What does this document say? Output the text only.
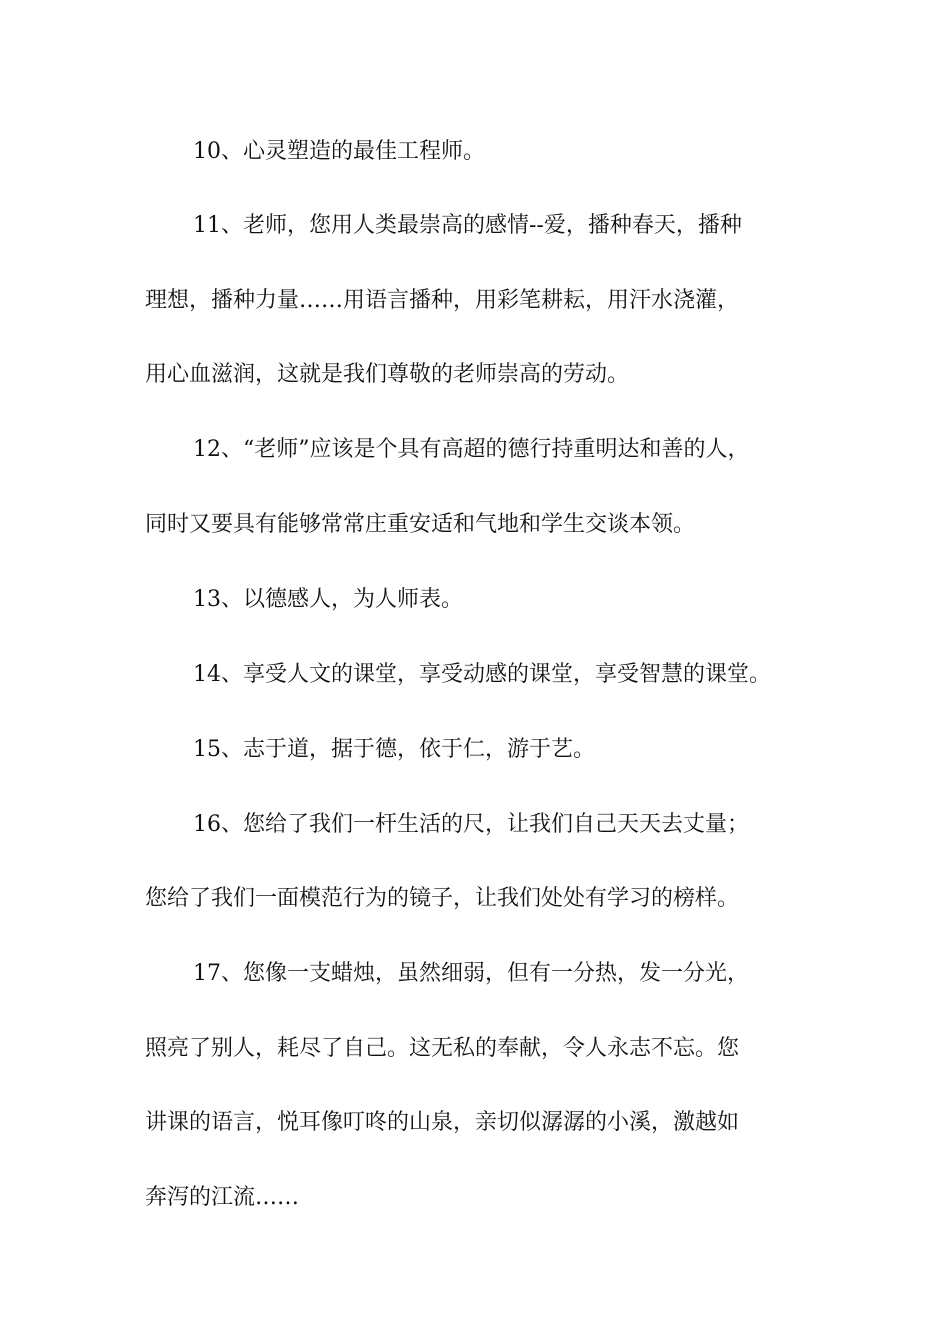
10、心灵塑造的最佳工程师。

11、老师，您用人类最崇高的感情--爱，播种春天，播种

理想，播种力量……用语言播种，用彩笔耕耘，用汗水浇灌，

用心血滋润，这就是我们尊敬的老师崇高的劳动。

12、“老师”应该是个具有高超的德行持重明达和善的人，

同时又要具有能够常常庄重安适和气地和学生交谈本领。

13、以德感人，为人师表。

14、享受人文的课堂，享受动感的课堂，享受智慧的课堂。

15、志于道，据于德，依于仁，游于艺。

16、您给了我们一杆生活的尺，让我们自己天天去丈量；

您给了我们一面模范行为的镜子，让我们处处有学习的榜样。

17、您像一支蜡烛，虽然细弱，但有一分热，发一分光，

照亮了别人，耗尽了自己。这无私的奉献，令人永志不忘。您

讲课的语言，悦耳像叮咚的山泉，亲切似潺潺的小溪，激越如

奔泻的江流……
